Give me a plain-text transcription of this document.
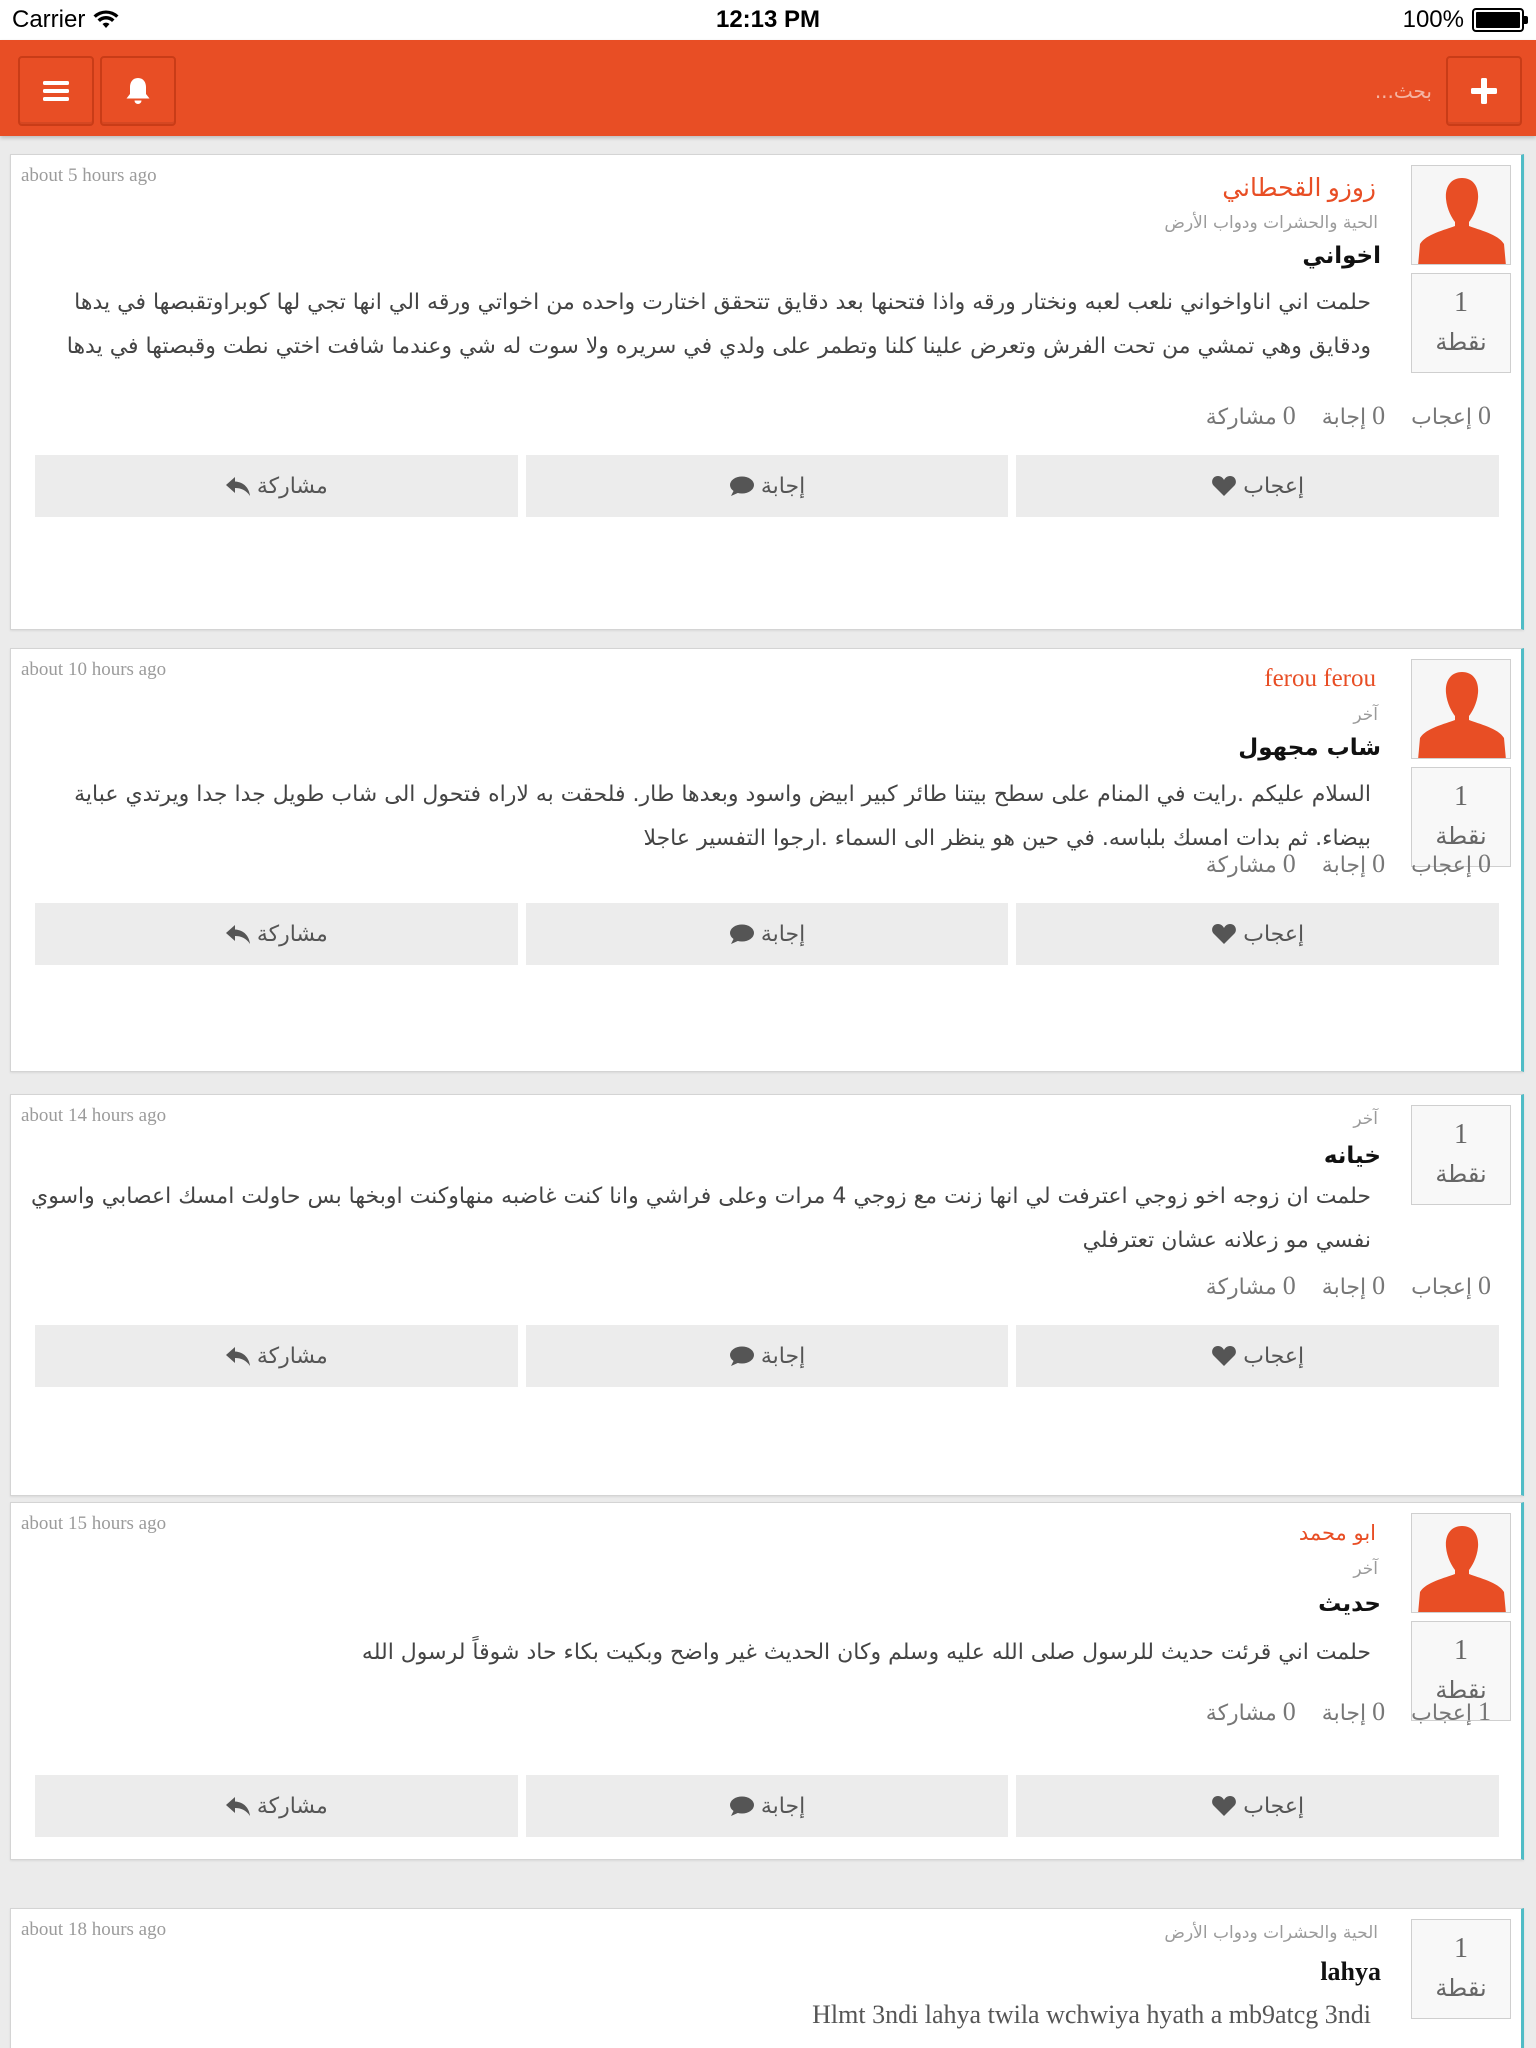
Carrier	12:13 PM	100%
بحث...
about 5 hours ago	زوزو القحطاني
الحية والحشرات ودواب الأرض
اخواني
1
نقطة
حلمت اني اناواخواني نلعب لعبه ونختار ورقه واذا فتحنها بعد دقايق تتحقق اختارت واحده من اخواتي ورقه الي انها تجي لها كوبراوتقبصها في يدها ودقايق وهي تمشي من تحت الفرش وتعرض علينا كلنا وتطمر على ولدي في سريره ولا سوت له شي وعندما شافت اختي نطت وقبصتها في يدها
0إعجاب
0إجابة
0مشاركة
مشاركة	إجابة	إعجاب
about 10 hours ago	ferou ferou
آخر
شاب مجهول
1
نقطة
السلام عليكم .رايت في المنام على سطح بيتنا طائر كبير ابيض واسود وبعدها طار. فلحقت به لاراه فتحول الى شاب طويل جدا جدا ويرتدي عباية بيضاء. ثم بدات امسك بلباسه. في حين هو ينظر الى السماء .ارجوا التفسير عاجلا
0إعجاب
0إجابة
0مشاركة
مشاركة	إجابة	إعجاب
about 14 hours ago	آخر
خيانه
1
نقطة
حلمت ان زوجه اخو زوجي اعترفت لي انها زنت مع زوجي 4 مرات وعلى فراشي وانا كنت غاضبه منهاوكنت اوبخها بس حاولت امسك اعصابي واسوي نفسي مو زعلانه عشان تعترفلي
0إعجاب
0إجابة
0مشاركة
مشاركة	إجابة	إعجاب
about 15 hours ago	ابو محمد
آخر
حديث
1
نقطة
حلمت اني قرئت حديث للرسول صلى الله عليه وسلم وكان الحديث غير واضح وبكيت بكاء حاد شوقاً لرسول الله
1إعجاب
0إجابة
0مشاركة
مشاركة	إجابة	إعجاب
about 18 hours ago	الحية والحشرات ودواب الأرض
lahya
1
نقطة
Hlmt 3ndi lahya twila wchwiya hyath a mb9atcg 3ndi
